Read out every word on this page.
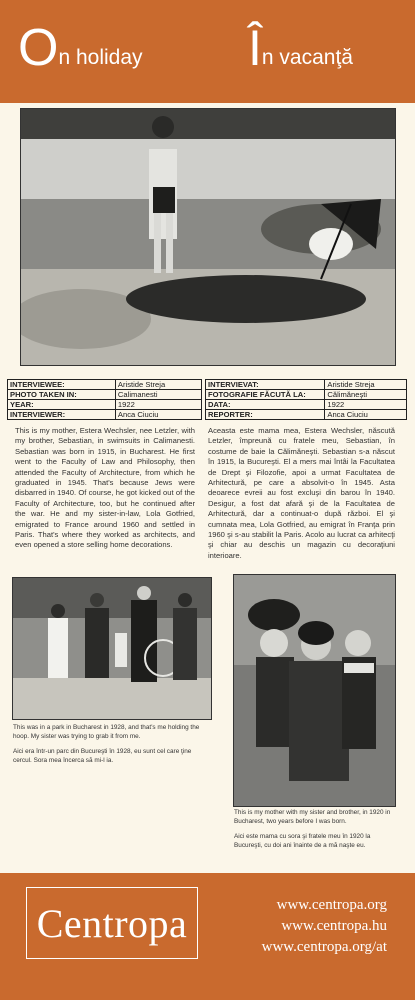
On holiday În vacanţă
INTERVIEWEE:	Aristide Streja
PHOTO TAKEN IN:	Calimanesti
YEAR:	1922
INTERVIEWER:	Anca Ciuciu
INTERVIEVAT:	Aristide Streja
FOTOGRAFIE FĂCUTĂ LA:	Călimăneşti
DATA:	1922
REPORTER:	Anca Ciuciu
This is my mother, Estera Wechsler, nee Letzler, with my brother, Sebastian, in swimsuits in Calimanesti. Sebastian was born in 1915, in Bucharest. He first went to the Faculty of Law and Philosophy, then attended the Faculty of Architecture, from which he graduated in 1945. That's because Jews were disbarred in 1940. Of course, he got kicked out of the Faculty of Architecture, too, but he continued after the war. He and my sister-in-law, Lola Gotfried, emigrated to France around 1960 and settled in Paris. That's where they worked as architects, and even opened a store selling home decorations.
Aceasta este mama mea, Estera Wechsler, născută Letzler, împreună cu fratele meu, Sebastian, în costume de baie la Călimăneşti. Sebastian s-a născut în 1915, la Bucureşti. El a mers mai întâi la Facultatea de Drept şi Filozofie, apoi a urmat Facultatea de Arhitectură, pe care a absolvit-o în 1945. Asta deoarece evreii au fost excluşi din barou în 1940. Desigur, a fost dat afară şi de la Facultatea de Arhitectură, dar a continuat-o după război. El şi cumnata mea, Lola Gotfried, au emigrat în Franţa prin 1960 şi s-au stabilit la Paris. Acolo au lucrat ca arhitecţi şi chiar au deschis un magazin cu decoraţiuni interioare.

This was in a park in Bucharest in 1928, and that's me holding the hoop. My sister was trying to grab it from me.

Aici era într-un parc din Bucureşti în 1928, eu sunt cel care ţine cercul. Sora mea încerca să mi-l ia.

This is my mother with my sister and brother, in 1920 in Bucharest, two years before I was born.

Aici este mama cu sora şi fratele meu în 1920 la Bucureşti, cu doi ani înainte de a mă naşte eu.

Centropa	www.centropa.org
www.centropa.hu
www.centropa.org/at
